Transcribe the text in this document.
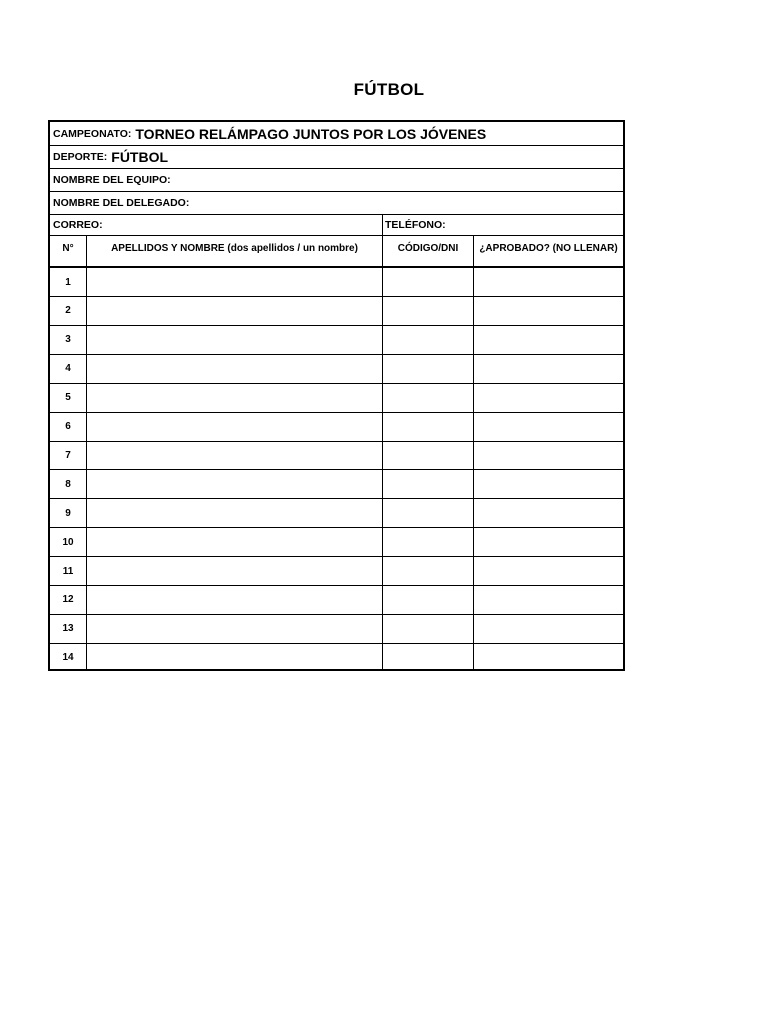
FÚTBOL
CAMPEONATO: TORNEO RELÁMPAGO JUNTOS POR LOS JÓVENES
DEPORTE: FÚTBOL
NOMBRE DEL EQUIPO:
NOMBRE DEL DELEGADO:
CORREO:	TELÉFONO:
N°	APELLIDOS Y NOMBRE (dos apellidos / un nombre)	CÓDIGO/DNI	¿APROBADO? (NO LLENAR)
1
2
3
4
5
6
7
8
9
10
11
12
13
14
